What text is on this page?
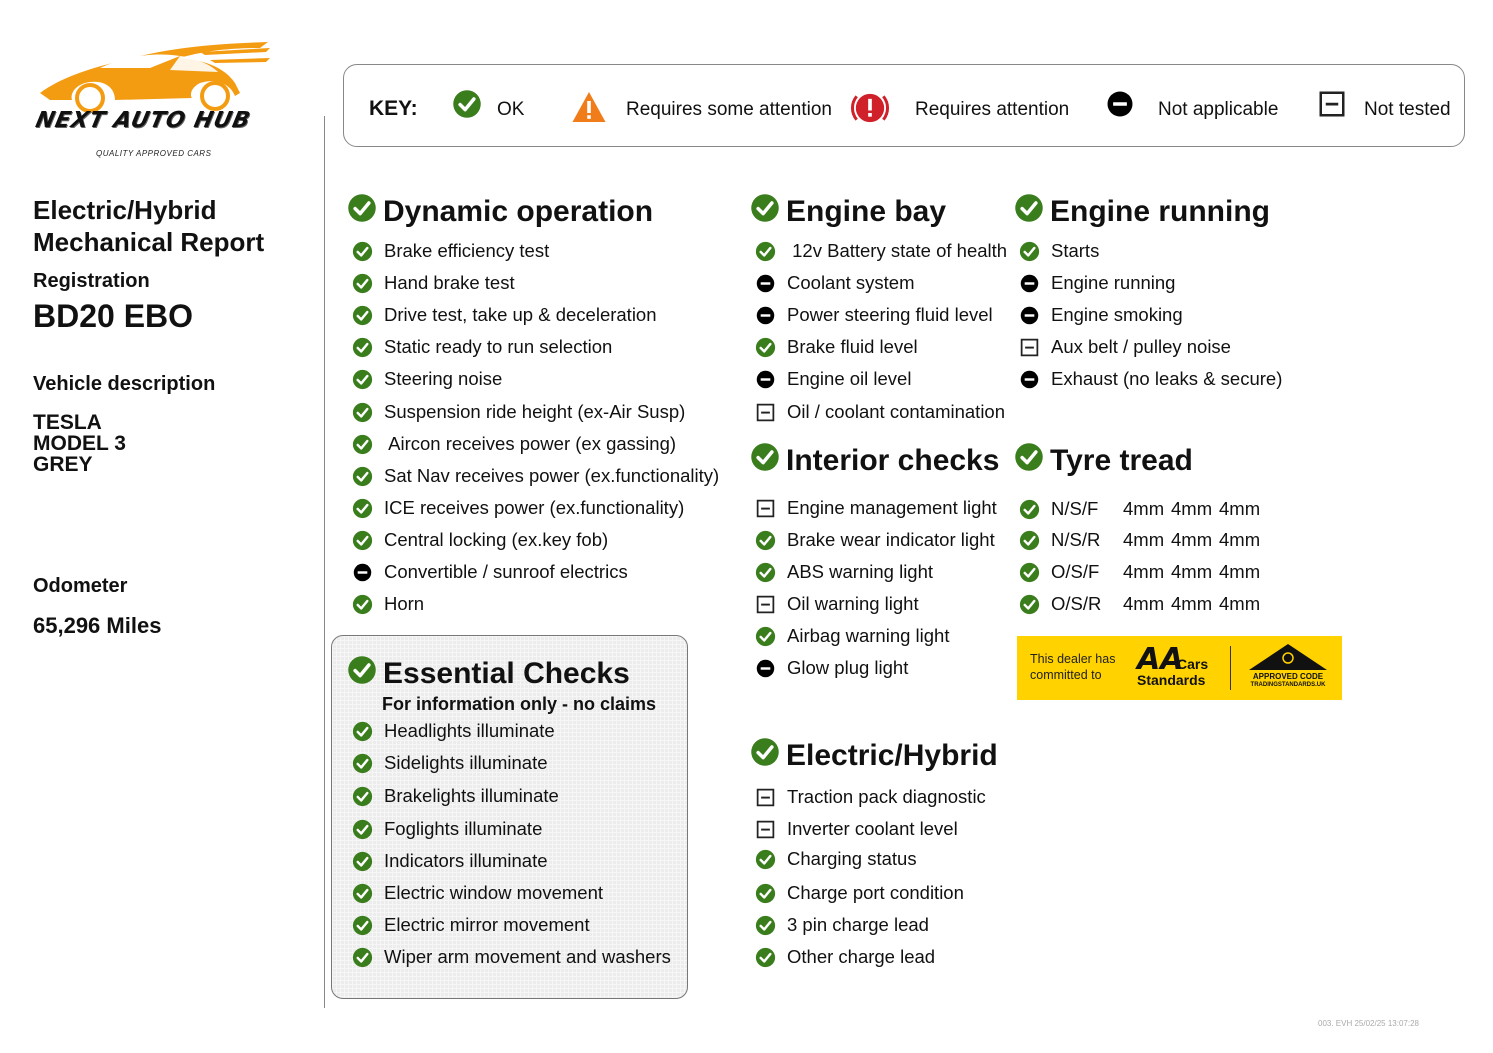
NEXT AUTO HUB
QUALITY APPROVED CARS
Electric/Hybrid
Mechanical Report
Registration
BD20 EBO
Vehicle description
TESLA
MODEL 3
GREY
Odometer
65,296 Miles
KEY:	OK	Requires some attention	Requires attention	Not applicable	Not tested
Dynamic operation
Brake efficiency test
Hand brake test
Drive test, take up & deceleration
Static ready to run selection
Steering noise
Suspension ride height (ex-Air Susp)
Aircon receives power (ex gassing)
Sat Nav receives power (ex.functionality)
ICE receives power (ex.functionality)
Central locking (ex.key fob)
Convertible / sunroof electrics
Horn
Essential Checks
For information only - no claims
Headlights illuminate
Sidelights illuminate
Brakelights illuminate
Foglights illuminate
Indicators illuminate
Electric window movement
Electric mirror movement
Wiper arm movement and washers
Engine bay
12v Battery state of health
Coolant system
Power steering fluid level
Brake fluid level
Engine oil level
Oil / coolant contamination
Interior checks
Engine management light
Brake wear indicator light
ABS warning light
Oil warning light
Airbag warning light
Glow plug light
Electric/Hybrid
Traction pack diagnostic
Inverter coolant level
Charging status
Charge port condition
3 pin charge lead
Other charge lead
Engine running
Starts
Engine running
Engine smoking
Aux belt / pulley noise
Exhaust (no leaks & secure)
Tyre tread
N/S/F	4mm 4mm 4mm
N/S/R	4mm 4mm 4mm
O/S/F	4mm 4mm 4mm
O/S/R	4mm 4mm 4mm
This dealer has
committed to AA
Cars
Standards	APPROVED CODE
TRADINGSTANDARDS.UK
003. EVH 25/02/25 13:07:28
